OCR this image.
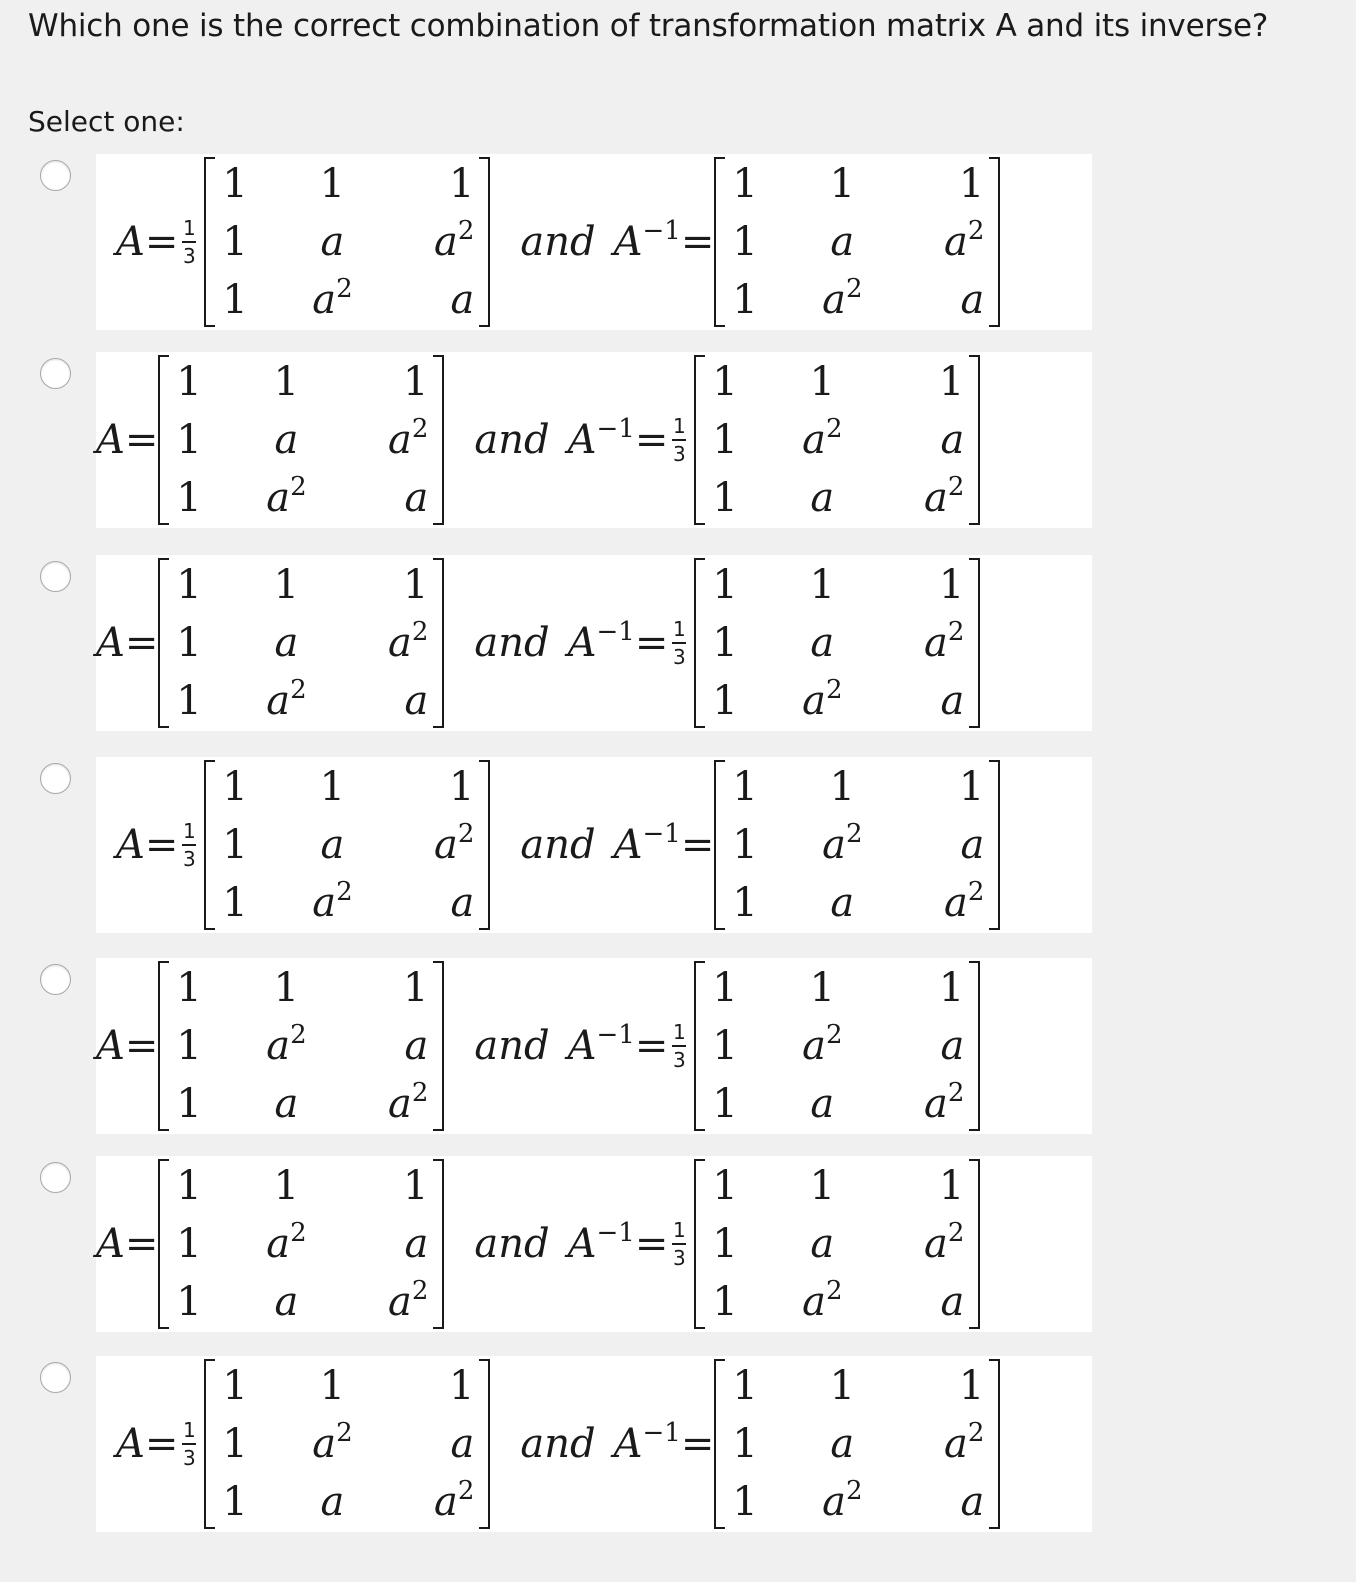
Which one is the correct combination of transformation matrix A and its inverse?
Select one:
$A = \frac{1}{3}$
1	1	1
1	a	$a^2$
1	$a^2$	a
and $A^{-1}$ =
1	1	1
1	a	$a^2$
1	$a^2$	a
A =
1	1	1
1	a	$a^2$
1	$a^2$	a
and $A^{-1} = \frac{1}{3}$
1	1	1
1	$a^2$	a
1	a	$a^2$
A =
1	1	1
1	a	$a^2$
1	$a^2$	a
and $A^{-1} = \frac{1}{3}$
1	1	1
1	a	$a^2$
1	$a^2$	a
$A = \frac{1}{3}$
1	1	1
1	a	$a^2$
1	$a^2$	a
and $A^{-1}$ =
1	1	1
1	$a^2$	a
1	a	$a^2$
A =
1	1	1
1	$a^2$	a
1	a	$a^2$
and $A^{-1} = \frac{1}{3}$
1	1	1
1	$a^2$	a
1	a	$a^2$
A =
1	1	1
1	$a^2$	a
1	a	$a^2$
and $A^{-1} = \frac{1}{3}$
1	1	1
1	a	$a^2$
1	$a^2$	a
$A = \frac{1}{3}$
1	1	1
1	$a^2$	a
1	a	$a^2$
and $A^{-1}$ =
1	1	1
1	a	$a^2$
1	$a^2$	a
